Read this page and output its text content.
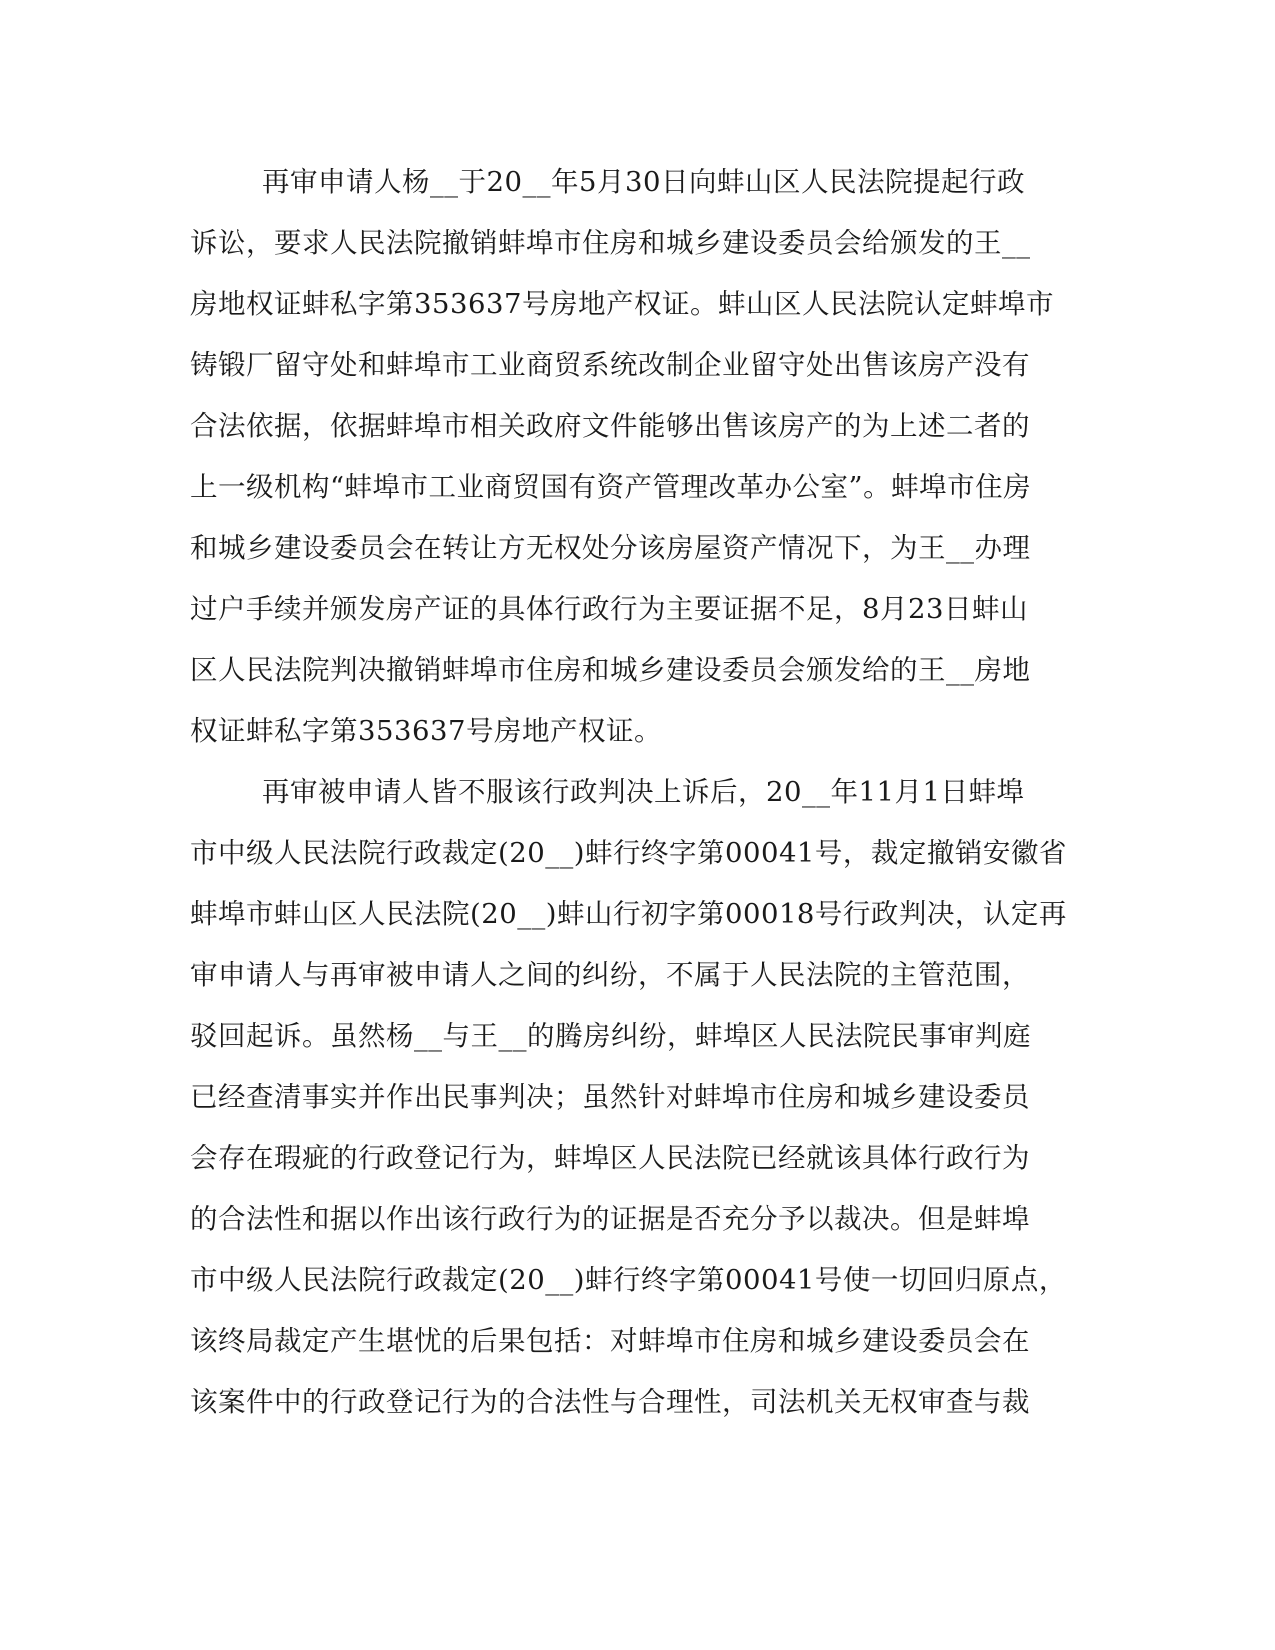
再审申请人杨__于20__年5月30日向蚌山区人民法院提起行政
诉讼，要求人民法院撤销蚌埠市住房和城乡建设委员会给颁发的王__
房地权证蚌私字第353637号房地产权证。蚌山区人民法院认定蚌埠市
铸锻厂留守处和蚌埠市工业商贸系统改制企业留守处出售该房产没有
合法依据，依据蚌埠市相关政府文件能够出售该房产的为上述二者的
上一级机构“蚌埠市工业商贸国有资产管理改革办公室”。蚌埠市住房
和城乡建设委员会在转让方无权处分该房屋资产情况下，为王__办理
过户手续并颁发房产证的具体行政行为主要证据不足，8月23日蚌山
区人民法院判决撤销蚌埠市住房和城乡建设委员会颁发给的王__房地
权证蚌私字第353637号房地产权证。
再审被申请人皆不服该行政判决上诉后，20__年11月1日蚌埠
市中级人民法院行政裁定(20__)蚌行终字第00041号，裁定撤销安徽省
蚌埠市蚌山区人民法院(20__)蚌山行初字第00018号行政判决，认定再
审申请人与再审被申请人之间的纠纷，不属于人民法院的主管范围，
驳回起诉。虽然杨__与王__的腾房纠纷，蚌埠区人民法院民事审判庭
已经查清事实并作出民事判决；虽然针对蚌埠市住房和城乡建设委员
会存在瑕疵的行政登记行为，蚌埠区人民法院已经就该具体行政行为
的合法性和据以作出该行政行为的证据是否充分予以裁决。但是蚌埠
市中级人民法院行政裁定(20__)蚌行终字第00041号使一切回归原点，
该终局裁定产生堪忧的后果包括：对蚌埠市住房和城乡建设委员会在
该案件中的行政登记行为的合法性与合理性，司法机关无权审查与裁
